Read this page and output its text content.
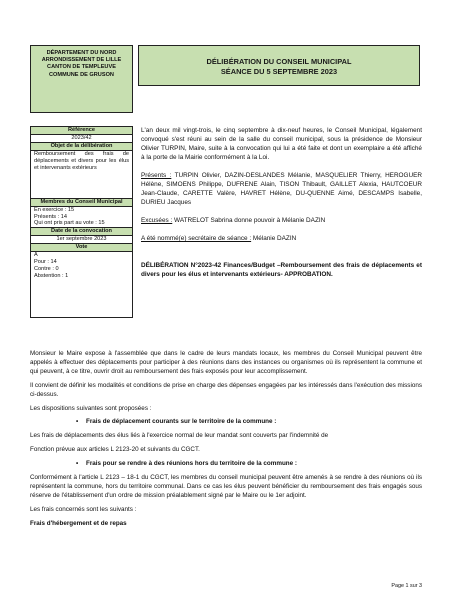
DÉPARTEMENT DU NORD
ARRONDISSEMENT DE LILLE
CANTON DE TEMPLEUVE
COMMUNE DE GRUSON
DÉLIBÉRATION DU CONSEIL MUNICIPAL
SÉANCE DU 5 SEPTEMBRE 2023
Référence
2023/42
Objet de la délibération
Remboursement des frais de déplacements et divers pour les élus et intervenants extérieurs
Membres du Conseil Municipal
En exercice : 15
Présents : 14
Qui ont pris part au vote : 15
Date de la convocation
1er septembre 2023
Vote
A
Pour : 14
Contre : 0
Abstention : 1

L'an deux mil vingt-trois, le cinq septembre à dix-neuf heures, le Conseil Municipal, légalement convoqué s'est réuni au sein de la salle du conseil municipal, sous la présidence de Monsieur Olivier TURPIN, Maire, suite à la convocation qui lui a été faite et dont un exemplaire a été affiché à la porte de la Mairie conformément à la Loi.

Présents : TURPIN Olivier, DAZIN-DESLANDES Mélanie, MASQUELIER Thierry, HEROGUER Hélène, SIMOENS Philippe, DUFRENE Alain, TISON Thibault, GAILLET Alexia, HAUTCOEUR Jean-Claude, CARETTE Valère, HAVRET Hélène, DU-QUENNE Aimé, DESCAMPS Isabelle, DURIEU Jacques

Excusées : WATRELOT Sabrina donne pouvoir à Mélanie DAZIN

A été nommé(e) secrétaire de séance : Mélanie DAZIN

DÉLIBÉRATION N°2023-42 Finances/Budget –Remboursement des frais de déplacements et divers pour les élus et intervenants extérieurs- APPROBATION.

Monsieur le Maire expose à l'assemblée que dans le cadre de leurs mandats locaux, les membres du Conseil Municipal peuvent être appelés à effectuer des déplacements pour participer à des réunions dans des instances ou organismes où ils représentent la commune et qui peuvent, à ce titre, ouvrir droit au remboursement des frais exposés pour leur accomplissement.

Il convient de définir les modalités et conditions de prise en charge des dépenses engagées par les intéressés dans l'exécution des missions ci-dessus.

Les dispositions suivantes sont proposées :

• Frais de déplacement courants sur le territoire de la commune :

Les frais de déplacements des élus liés à l'exercice normal de leur mandat sont couverts par l'indemnité de

Fonction prévue aux articles L 2123-20 et suivants du CGCT.

• Frais pour se rendre à des réunions hors du territoire de la commune :

Conformément à l'article L 2123 – 18-1 du CGCT, les membres du conseil municipal peuvent être amenés à se rendre à des réunions où ils représentent la commune, hors du territoire communal. Dans ce cas les élus peuvent bénéficier du remboursement des frais engagés sous réserve de l'établissement d'un ordre de mission préalablement signé par le Maire ou le 1er adjoint.

Les frais concernés sont les suivants :

Frais d'hébergement et de repas

Page 1 sur 3
